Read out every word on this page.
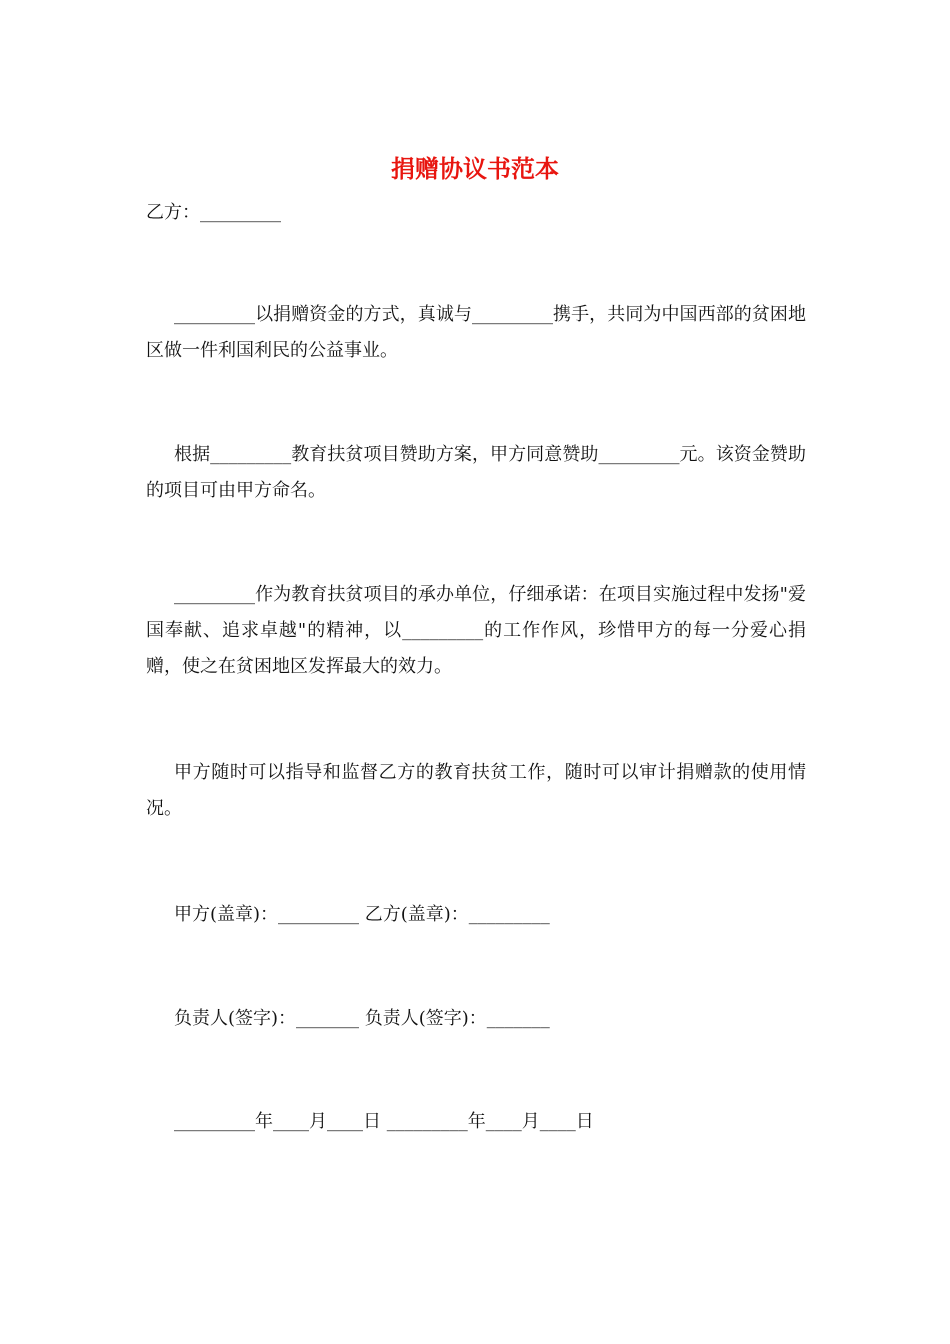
捐赠协议书范本
乙方：_________

_________以捐赠资金的方式，真诚与_________携手，共同为中国西部的贫困地区做一件利国利民的公益事业。

根据_________教育扶贫项目赞助方案，甲方同意赞助_________元。该资金赞助的项目可由甲方命名。

_________作为教育扶贫项目的承办单位，仔细承诺：在项目实施过程中发扬"爱国奉献、追求卓越"的精神，以_________的工作作风，珍惜甲方的每一分爱心捐赠，使之在贫困地区发挥最大的效力。

甲方随时可以指导和监督乙方的教育扶贫工作，随时可以审计捐赠款的使用情况。

甲方(盖章)：_________ 乙方(盖章)：_________
负责人(签字)：_______ 负责人(签字)：_______
_________年____月____日 _________年____月____日
